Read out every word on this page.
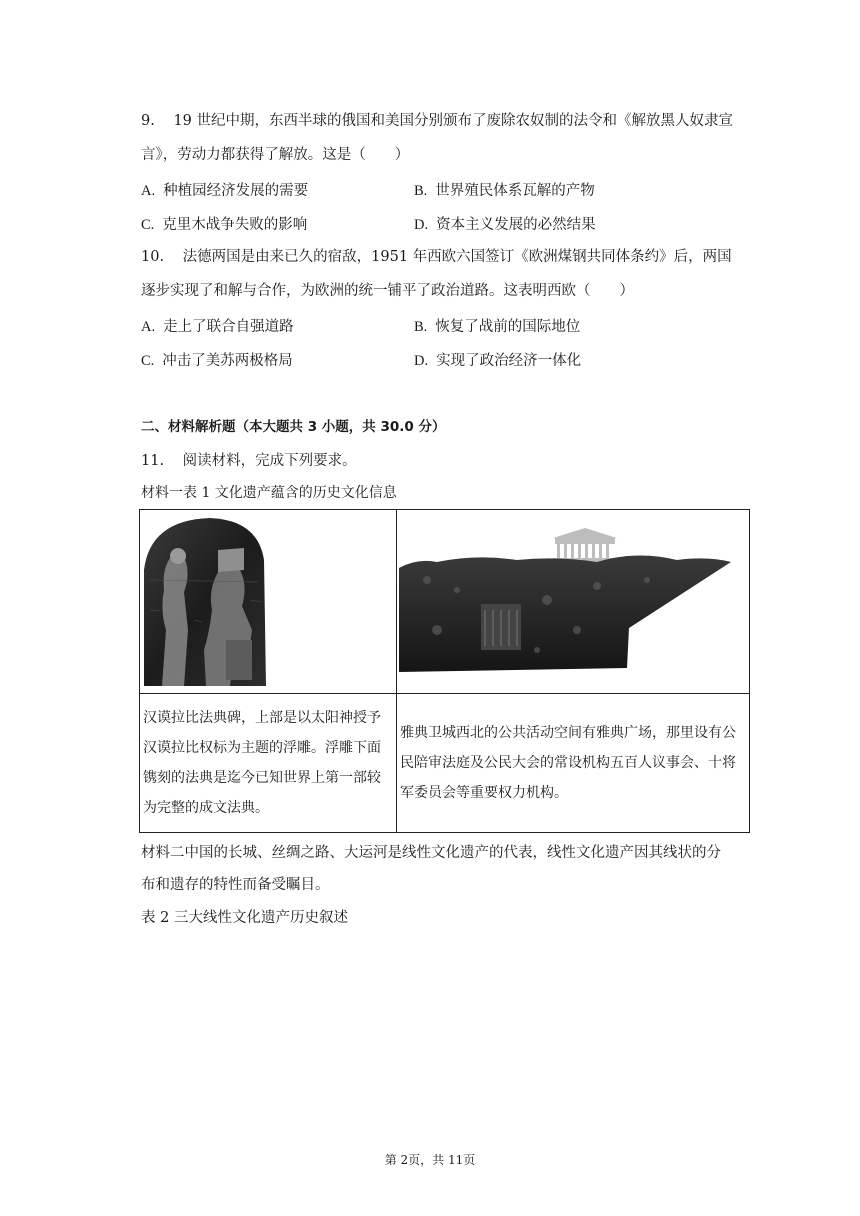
9. 19 世纪中期，东西半球的俄国和美国分别颁布了废除农奴制的法令和《解放黑人奴隶宣
言》，劳动力都获得了解放。这是（　　）
A. 种植园经济发展的需要	B. 世界殖民体系瓦解的产物
C. 克里木战争失败的影响	D. 资本主义发展的必然结果
10. 法德两国是由来已久的宿敌，1951 年西欧六国签订《欧洲煤钢共同体条约》后，两国
逐步实现了和解与合作，为欧洲的统一铺平了政治道路。这表明西欧（　　）
A. 走上了联合自强道路	B. 恢复了战前的国际地位
C. 冲击了美苏两极格局	D. 实现了政治经济一体化
二、材料解析题（本大题共 3 小题，共 30.0 分）
11. 阅读材料，完成下列要求。
材料一表 1 文化遗产蕴含的历史文化信息

汉谟拉比法典碑，上部是以太阳神授予汉谟拉比权标为主题的浮雕。浮雕下面镌刻的法典是迄今已知世界上第一部较为完整的成文法典。	雅典卫城西北的公共活动空间有雅典广场，那里设有公民陪审法庭及公民大会的常设机构五百人议事会、十将军委员会等重要权力机构。
材料二中国的长城、丝绸之路、大运河是线性文化遗产的代表，线性文化遗产因其线状的分
布和遗存的特性而备受瞩目。
表 2 三大线性文化遗产历史叙述
第 2页，共 11页
